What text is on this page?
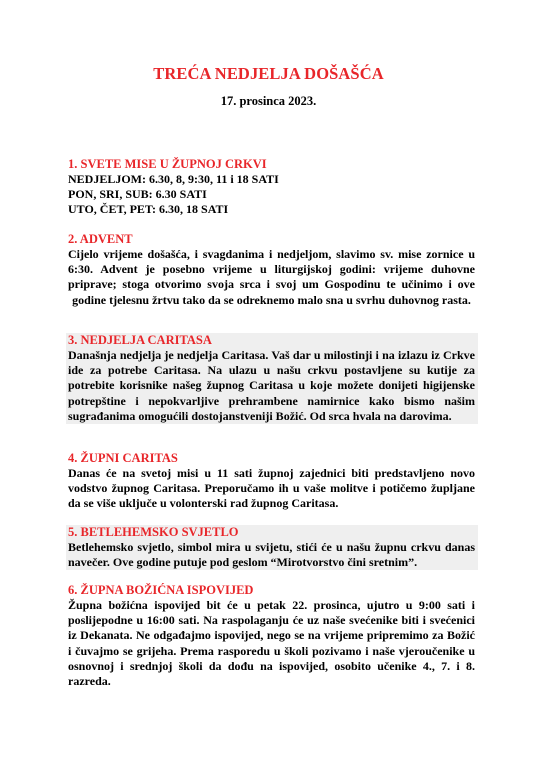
TREĆA NEDJELJA DOŠAŠĆA
17. prosinca 2023.
1. SVETE MISE U ŽUPNOJ CRKVI
NEDJELJOM: 6.30, 8, 9:30, 11 i 18 SATI
PON, SRI, SUB: 6.30 SATI
UTO, ČET, PET: 6.30, 18 SATI
2. ADVENT
Cijelo vrijeme došašća, i svagdanima i nedjeljom, slavimo sv. mise zornice u 6:30. Advent je posebno vrijeme u liturgijskoj godini: vrijeme duhovne priprave; stoga otvorimo svoja srca i svoj um Gospodinu te učinimo i ove godine tjelesnu žrtvu tako da se odreknemo malo sna u svrhu duhovnog rasta.
3. NEDJELJA CARITASA
Današnja nedjelja je nedjelja Caritasa. Vaš dar u milostinji i na izlazu iz Crkve ide za potrebe Caritasa. Na ulazu u našu crkvu postavljene su kutije za potrebite korisnike našeg župnog Caritasa u koje možete donijeti higijenske potrepštine i nepokvarljive prehrambene namirnice kako bismo našim sugrađanima omogućili dostojanstveniji Božić. Od srca hvala na darovima.
4. ŽUPNI CARITAS
Danas će na svetoj misi u 11 sati župnoj zajednici biti predstavljeno novo vodstvo župnog Caritasa. Preporučamo ih u vaše molitve i potičemo župljane da se više uključe u volonterski rad župnog Caritasa.
5. BETLEHEMSKO SVJETLO
Betlehemsko svjetlo, simbol mira u svijetu, stići će u našu župnu crkvu danas navečer. Ove godine putuje pod geslom “Mirotvorstvo čini sretnim”.
6. ŽUPNA BOŽIĆNA ISPOVIJED
Župna božićna ispovijed bit će u petak 22. prosinca, ujutro u 9:00 sati i poslijepodne u 16:00 sati. Na raspolaganju će uz naše svećenike biti i svećenici iz Dekanata. Ne odgađajmo ispovijed, nego se na vrijeme pripremimo za Božić i čuvajmo se grijeha. Prema rasporedu u školi pozivamo i naše vjeroučenike u osnovnoj i srednjoj školi da dođu na ispovijed, osobito učenike 4., 7. i 8. razreda.
